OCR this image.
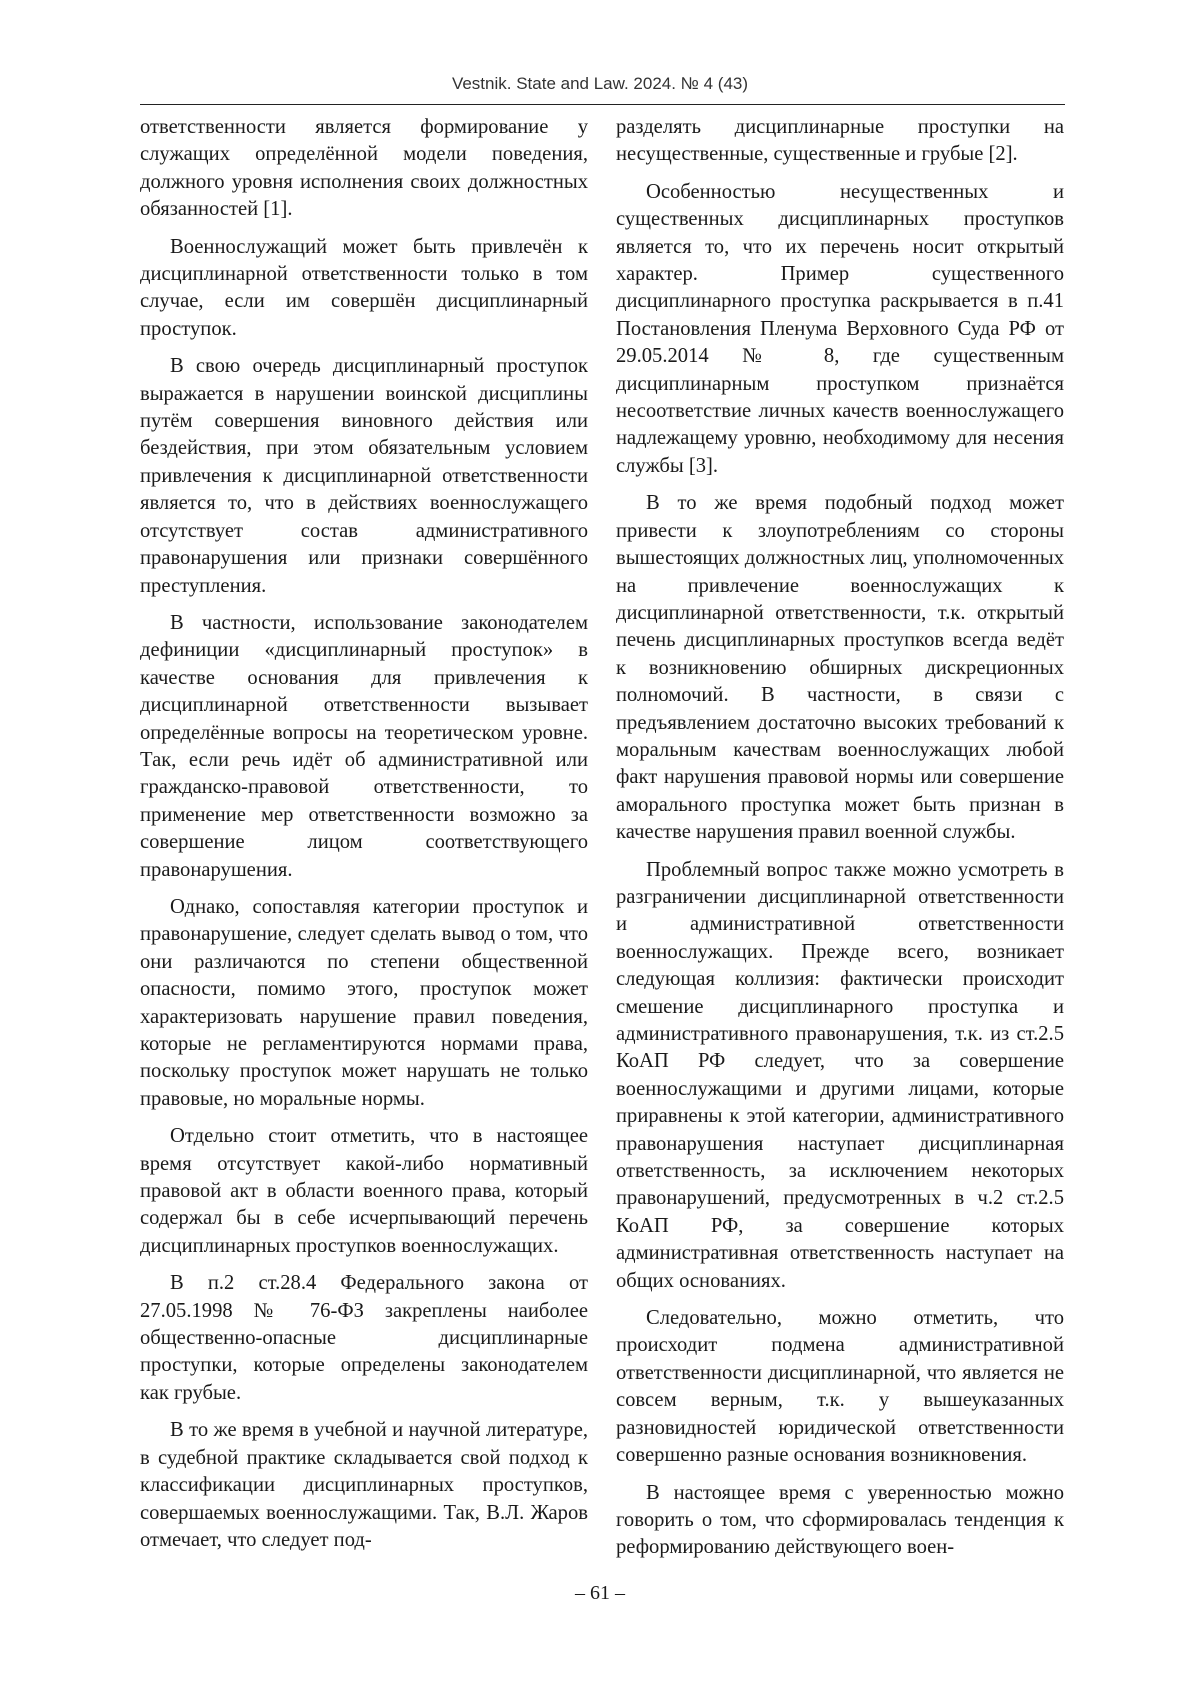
Vestnik. State and Law. 2024. № 4 (43)

ответственности является формирование у служащих определённой модели поведения, должного уровня исполнения своих должностных обязанностей [1].

Военнослужащий может быть привлечён к дисциплинарной ответственности только в том случае, если им совершён дисциплинарный проступок.

В свою очередь дисциплинарный проступок выражается в нарушении воинской дисциплины путём совершения виновного действия или бездействия, при этом обязательным условием привлечения к дисциплинарной ответственности является то, что в действиях военнослужащего отсутствует состав административного правонарушения или признаки совершённого преступления.

В частности, использование законодателем дефиниции «дисциплинарный проступок» в качестве основания для привлечения к дисциплинарной ответственности вызывает определённые вопросы на теоретическом уровне. Так, если речь идёт об административной или гражданско-правовой ответственности, то применение мер ответственности возможно за совершение лицом соответствующего правонарушения.

Однако, сопоставляя категории проступок и правонарушение, следует сделать вывод о том, что они различаются по степени общественной опасности, помимо этого, проступок может характеризовать нарушение правил поведения, которые не регламентируются нормами права, поскольку проступок может нарушать не только правовые, но моральные нормы.

Отдельно стоит отметить, что в настоящее время отсутствует какой-либо нормативный правовой акт в области военного права, который содержал бы в себе исчерпывающий перечень дисциплинарных проступков военнослужащих.

В п.2 ст.28.4 Федерального закона от 27.05.1998 № 76-ФЗ закреплены наиболее общественно-опасные дисциплинарные проступки, которые определены законодателем как грубые.

В то же время в учебной и научной литературе, в судебной практике складывается свой подход к классификации дисциплинарных проступков, совершаемых военнослужащими. Так, В.Л. Жаров отмечает, что следует под-

разделять дисциплинарные проступки на несущественные, существенные и грубые [2].

Особенностью несущественных и существенных дисциплинарных проступков является то, что их перечень носит открытый характер. Пример существенного дисциплинарного проступка раскрывается в п.41 Постановления Пленума Верховного Суда РФ от 29.05.2014 № 8, где существенным дисциплинарным проступком признаётся несоответствие личных качеств военнослужащего надлежащему уровню, необходимому для несения службы [3].

В то же время подобный подход может привести к злоупотреблениям со стороны вышестоящих должностных лиц, уполномоченных на привлечение военнослужащих к дисциплинарной ответственности, т.к. открытый печень дисциплинарных проступков всегда ведёт к возникновению обширных дискреционных полномочий. В частности, в связи с предъявлением достаточно высоких требований к моральным качествам военнослужащих любой факт нарушения правовой нормы или совершение аморального проступка может быть признан в качестве нарушения правил военной службы.

Проблемный вопрос также можно усмотреть в разграничении дисциплинарной ответственности и административной ответственности военнослужащих. Прежде всего, возникает следующая коллизия: фактически происходит смешение дисциплинарного проступка и административного правонарушения, т.к. из ст.2.5 КоАП РФ следует, что за совершение военнослужащими и другими лицами, которые приравнены к этой категории, административного правонарушения наступает дисциплинарная ответственность, за исключением некоторых правонарушений, предусмотренных в ч.2 ст.2.5 КоАП РФ, за совершение которых административная ответственность наступает на общих основаниях.

Следовательно, можно отметить, что происходит подмена административной ответственности дисциплинарной, что является не совсем верным, т.к. у вышеуказанных разновидностей юридической ответственности совершенно разные основания возникновения.

В настоящее время с уверенностью можно говорить о том, что сформировалась тенденция к реформированию действующего воен-

– 61 –
